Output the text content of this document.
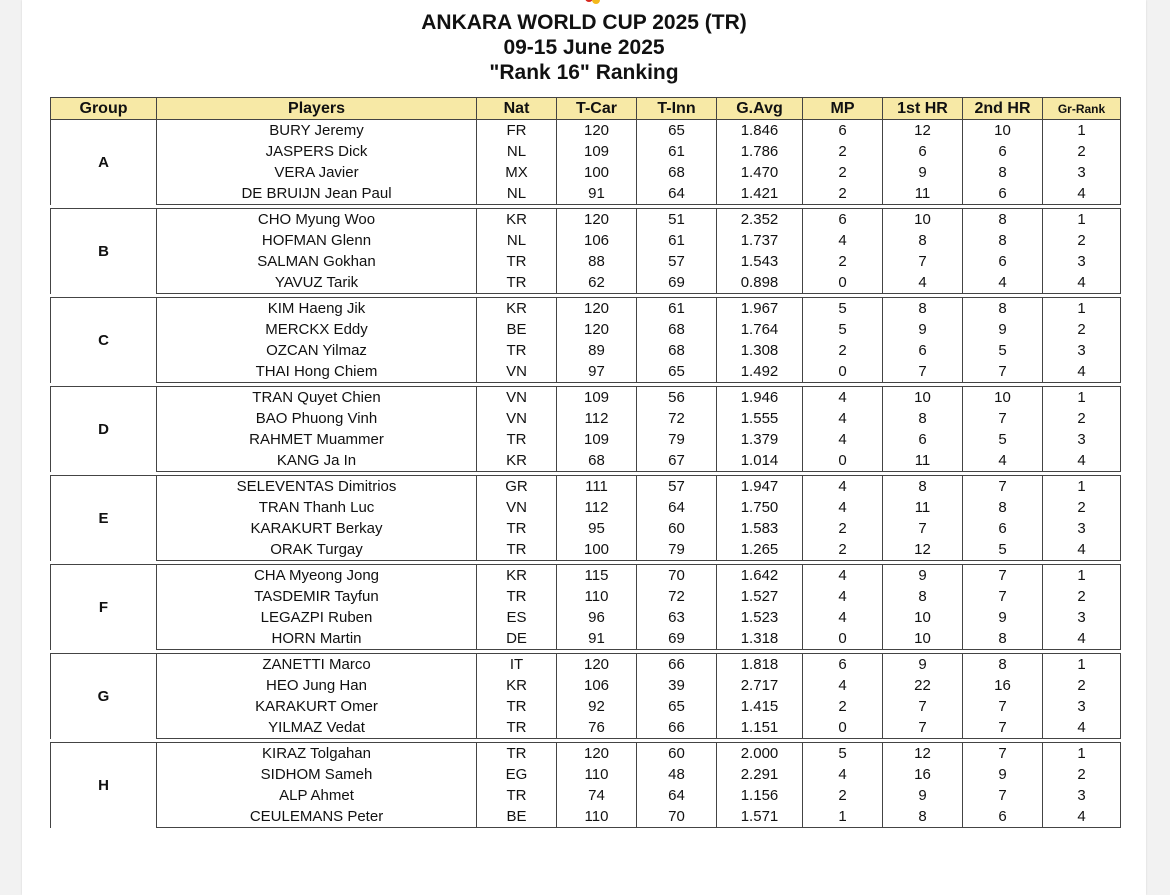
ANKARA WORLD CUP 2025 (TR)
09-15 June 2025
"Rank 16" Ranking
Group	Players	Nat	T-Car	T-Inn	G.Avg	MP	1st HR	2nd HR	Gr-Rank
A	BURY Jeremy	FR	120	65	1.846	6	12	10	1
	JASPERS Dick	NL	109	61	1.786	2	6	6	2
	VERA Javier	MX	100	68	1.470	2	9	8	3
	DE BRUIJN Jean Paul	NL	91	64	1.421	2	11	6	4

B	CHO Myung Woo	KR	120	51	2.352	6	10	8	1
	HOFMAN Glenn	NL	106	61	1.737	4	8	8	2
	SALMAN Gokhan	TR	88	57	1.543	2	7	6	3
	YAVUZ Tarik	TR	62	69	0.898	0	4	4	4

C	KIM Haeng Jik	KR	120	61	1.967	5	8	8	1
	MERCKX Eddy	BE	120	68	1.764	5	9	9	2
	OZCAN Yilmaz	TR	89	68	1.308	2	6	5	3
	THAI Hong Chiem	VN	97	65	1.492	0	7	7	4

D	TRAN Quyet Chien	VN	109	56	1.946	4	10	10	1
	BAO Phuong Vinh	VN	112	72	1.555	4	8	7	2
	RAHMET Muammer	TR	109	79	1.379	4	6	5	3
	KANG Ja In	KR	68	67	1.014	0	11	4	4

E	SELEVENTAS Dimitrios	GR	111	57	1.947	4	8	7	1
	TRAN Thanh Luc	VN	112	64	1.750	4	11	8	2
	KARAKURT Berkay	TR	95	60	1.583	2	7	6	3
	ORAK Turgay	TR	100	79	1.265	2	12	5	4

F	CHA Myeong Jong	KR	115	70	1.642	4	9	7	1
	TASDEMIR Tayfun	TR	110	72	1.527	4	8	7	2
	LEGAZPI Ruben	ES	96	63	1.523	4	10	9	3
	HORN Martin	DE	91	69	1.318	0	10	8	4

G	ZANETTI Marco	IT	120	66	1.818	6	9	8	1
	HEO Jung Han	KR	106	39	2.717	4	22	16	2
	KARAKURT Omer	TR	92	65	1.415	2	7	7	3
	YILMAZ Vedat	TR	76	66	1.151	0	7	7	4

H	KIRAZ Tolgahan	TR	120	60	2.000	5	12	7	1
	SIDHOM Sameh	EG	110	48	2.291	4	16	9	2
	ALP Ahmet	TR	74	64	1.156	2	9	7	3
	CEULEMANS Peter	BE	110	70	1.571	1	8	6	4
